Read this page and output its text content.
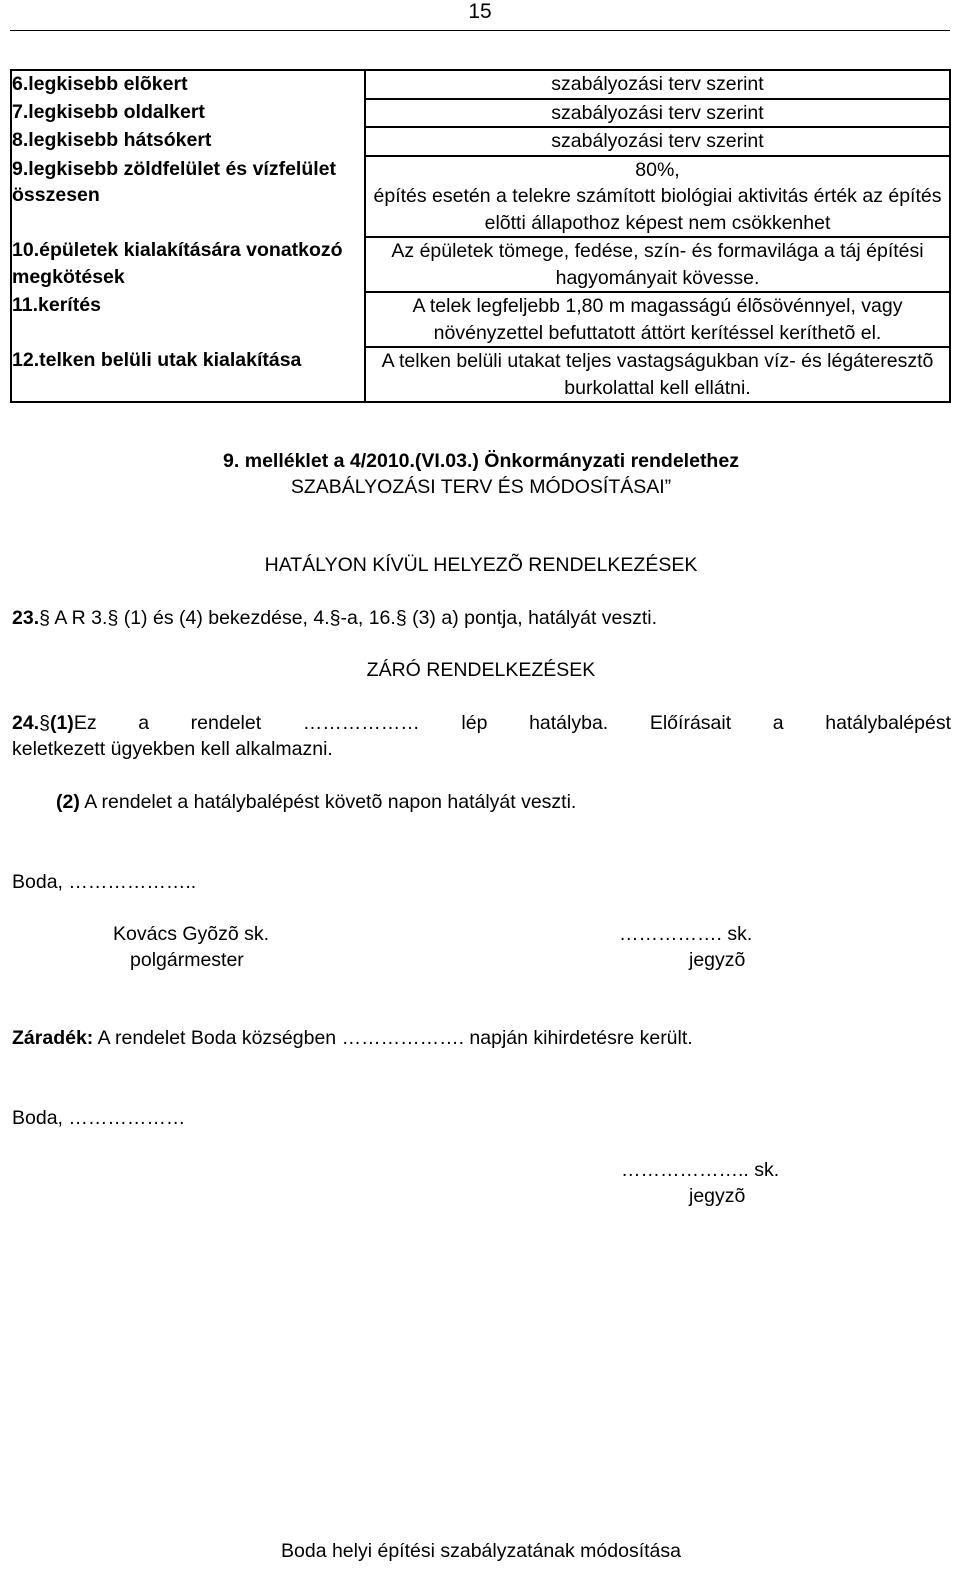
15
6.legkisebb elõkert	szabályozási terv szerint

7.legkisebb oldalkert	szabályozási terv szerint

8.legkisebb hátsókert	szabályozási terv szerint

9.legkisebb zöldfelület és vízfelület összesen	80%,
építés esetén a telekre számított biológiai aktivitás érték az építés elõtti állapothoz képest nem csökkenhet

10.épületek kialakítására vonatkozó megkötések	Az épületek tömege, fedése, szín- és formavilága a táj építési hagyományait kövesse.

11.kerítés	A telek legfeljebb 1,80 m magasságú élõsövénnyel, vagy növényzettel befuttatott áttört kerítéssel keríthetõ el.

12.telken belüli utak kialakítása	A telken belüli utakat teljes vastagságukban víz- és légáteresztõ burkolattal kell ellátni.
9. melléklet a 4/2010.(VI.03.) Önkormányzati rendelethez
SZABÁLYOZÁSI TERV ÉS MÓDOSÍTÁSAI”
HATÁLYON KÍVÜL HELYEZÕ RENDELKEZÉSEK
23.§ A R 3.§ (1) és (4) bekezdése, 4.§-a, 16.§ (3) a) pontja, hatályát veszti.
ZÁRÓ RENDELKEZÉSEK
24.§(1)Ez a rendelet ……………… lép hatályba. Előírásait a hatálybalépést
keletkezett ügyekben kell alkalmazni.
(2) A rendelet a hatálybalépést követõ napon hatályát veszti.
Boda, ………………..
Kovács Gyõzõ sk.
polgármester
……………. sk.
jegyzõ
Záradék: A rendelet Boda községben ………………. napján kihirdetésre került.
Boda, ………………
……………….. sk.
jegyzõ
Boda helyi építési szabályzatának módosítása
